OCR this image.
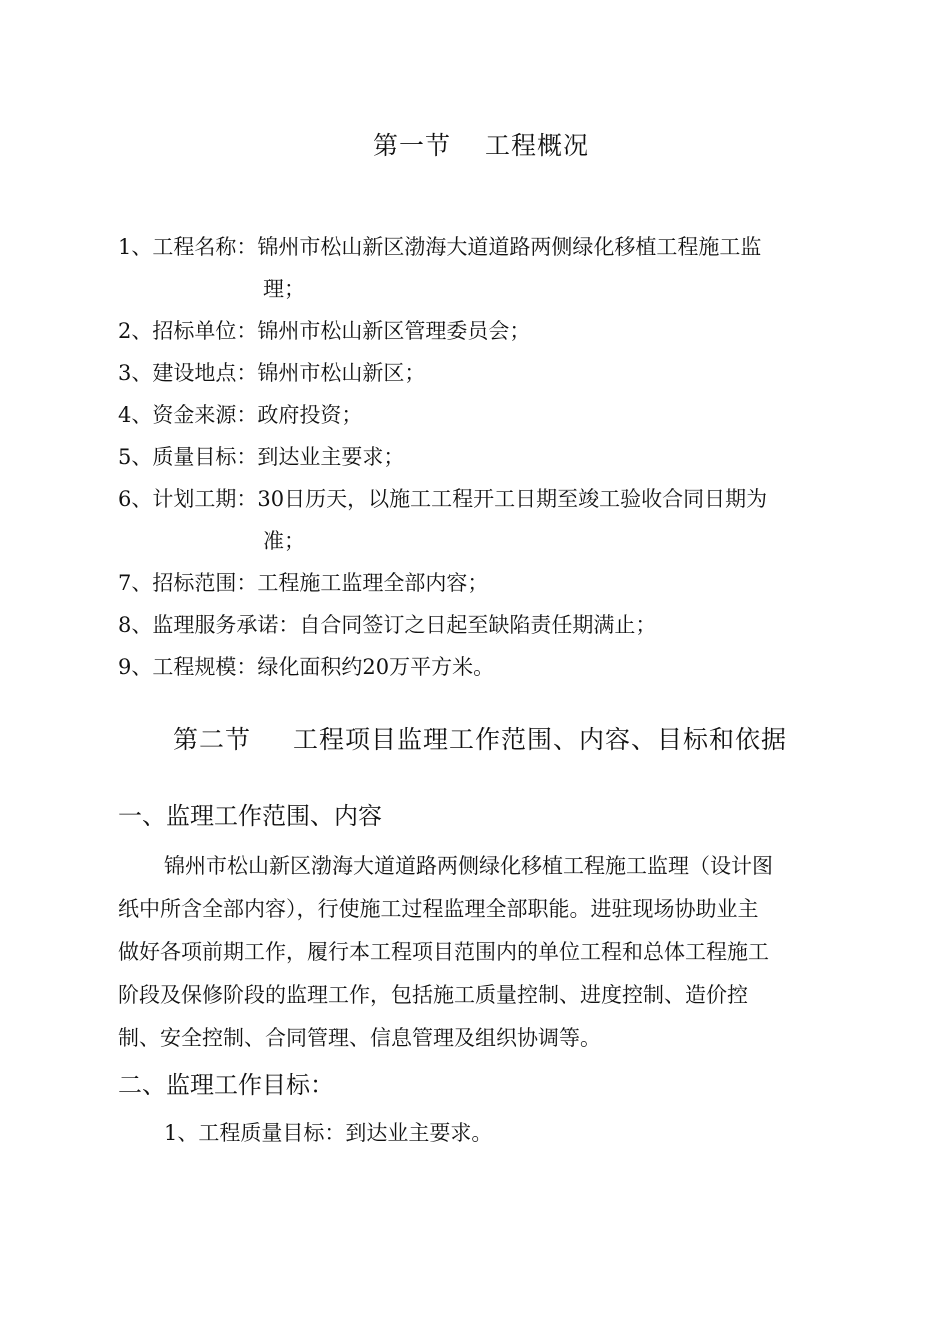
第一节 工程概况
1、工程名称：锦州市松山新区渤海大道道路两侧绿化移植工程施工监
理；
2、招标单位：锦州市松山新区管理委员会；
3、建设地点：锦州市松山新区；
4、资金来源：政府投资；
5、质量目标：到达业主要求；
6、计划工期：30日历天，以施工工程开工日期至竣工验收合同日期为
准；
7、招标范围：工程施工监理全部内容；
8、监理服务承诺：自合同签订之日起至缺陷责任期满止；
9、工程规模：绿化面积约20万平方米。
第二节 工程项目监理工作范围、内容、目标和依据
一、监理工作范围、内容
锦州市松山新区渤海大道道路两侧绿化移植工程施工监理（设计图
纸中所含全部内容），行使施工过程监理全部职能。进驻现场协助业主
做好各项前期工作，履行本工程项目范围内的单位工程和总体工程施工
阶段及保修阶段的监理工作，包括施工质量控制、进度控制、造价控
制、安全控制、合同管理、信息管理及组织协调等。
二、监理工作目标：
1、工程质量目标：到达业主要求。
